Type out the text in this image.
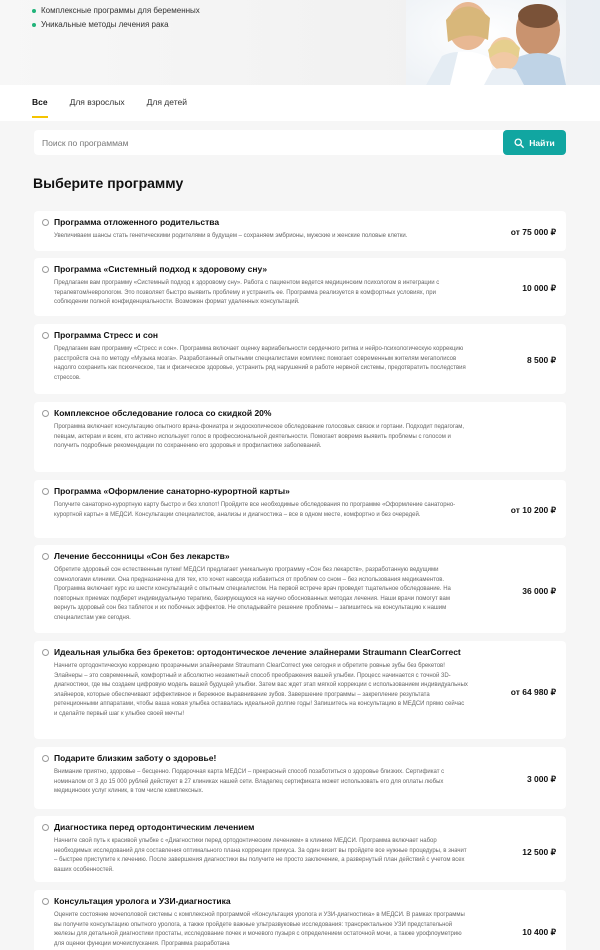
Комплексные программы для беременных
Уникальные методы лечения рака
Все	Для взрослых	Для детей
Поиск по программам
Найти
Выберите программу
Программа отложенного родительства
Увеличиваем шансы стать генетическими родителями в будущем – сохраняем эмбрионы, мужские и женские половые клетки.	от 75 000 ₽
Программа «Системный подход к здоровому сну»
Предлагаем вам программу «Системный подход к здоровому сну». Работа с пациентом ведется медицинским психологом в интеграции с терапевтом/неврологом. Это позволяет быстро выявить проблему и устранить ее. Программа реализуется в комфортных условиях, при соблюдении полной конфиденциальности. Возможен формат удаленных консультаций.
10 000 ₽
Программа Стресс и сон
Предлагаем вам программу «Стресс и сон». Программа включает оценку вариабельности сердечного ритма и нейро-психологическую коррекцию расстройств сна по методу «Музыка мозга». Разработанный опытными специалистами комплекс помогает современным жителям мегаполисов надолго сохранить как психическое, так и физическое здоровье, устранить ряд нарушений в работе нервной системы, предотвратить последствия стрессов.
8 500 ₽
Комплексное обследование голоса со скидкой 20%
Программа включает консультацию опытного врача-фониатра и эндоскопическое обследование голосовых связок и гортани. Подходит педагогам, певцам, актерам и всем, кто активно использует голос в профессиональной деятельности. Помогает вовремя выявить проблемы с голосом и получить подробные рекомендации по сохранению его здоровья и профилактике заболеваний.
Программа «Оформление санаторно-курортной карты»
Получите санаторно-курортную карту быстро и без хлопот! Пройдите все необходимые обследования по программе «Оформление санаторно-курортной карты» в МЕДСИ. Консультации специалистов, анализы и диагностика – все в одном месте, комфортно и без очередей.	от 10 200 ₽
Лечение бессонницы «Сон без лекарств»
Обретите здоровый сон естественным путем! МЕДСИ предлагает уникальную программу «Сон без лекарств», разработанную ведущими сомнологами клиники. Она предназначена для тех, кто хочет навсегда избавиться от проблем со сном – без использования медикаментов. Программа включает курс из шести консультаций с опытным специалистом. На первой встрече врач проведет тщательное обследование. На повторных приемах подберет индивидуальную терапию, базирующуюся на научно обоснованных методах лечения. Наши врачи помогут вам вернуть здоровый сон без таблеток и их побочных эффектов. Не откладывайте решение проблемы – запишитесь на консультацию к нашим специалистам уже сегодня.
36 000 ₽
Идеальная улыбка без брекетов: ортодонтическое лечение элайнерами Straumann ClearCorrect
Начните ортодонтическую коррекцию прозрачными элайнерами Straumann ClearCorrect уже сегодня и обретите ровные зубы без брекетов! Элайнеры – это современный, комфортный и абсолютно незаметный способ преображения вашей улыбки. Процесс начинается с точной 3D-диагностики, где мы создаем цифровую модель вашей будущей улыбки. Затем вас ждет этап мягкой коррекции с использованием индивидуальных элайнеров, которые обеспечивают эффективное и бережное выравнивание зубов. Завершение программы – закрепление результата ретенционными аппаратами, чтобы ваша новая улыбка оставалась идеальной долгие годы! Запишитесь на консультацию в МЕДСИ прямо сейчас и сделайте первый шаг к улыбке своей мечты!
от 64 980 ₽
Подарите близким заботу о здоровье!
Внимание приятно, здоровье – бесценно. Подарочная карта МЕДСИ – прекрасный способ позаботиться о здоровье близких. Сертификат с номиналом от 3 до 15 000 рублей действует в 27 клиниках нашей сети. Владелец сертификата может использовать его для оплаты любых медицинских услуг клиник, в том числе комплексных.
3 000 ₽
Диагностика перед ортодонтическим лечением
Начните свой путь к красивой улыбке с «Диагностики перед ортодонтическим лечением» в клинике МЕДСИ. Программа включает набор необходимых исследований для составления оптимального плана коррекции прикуса. За один визит вы пройдете все нужные процедуры, в значит – быстрее приступите к лечению. После завершения диагностики вы получите не просто заключение, а развернутый план действий с учетом всех ваших особенностей.
12 500 ₽
Консультация уролога и УЗИ-диагностика
Оцените состояние мочеполовой системы с комплексной программой «Консультация уролога и УЗИ-диагностика» в МЕДСИ. В рамках программы вы получите консультацию опытного уролога, а также пройдете важные ультразвуковые исследования: трансректальное УЗИ предстательной железы для детальной диагностики простаты, исследование почек и мочевого пузыря с определением остаточной мочи, а также урофлоуметрию для оценки функции мочеиспускания. Программа разработана
10 400 ₽
